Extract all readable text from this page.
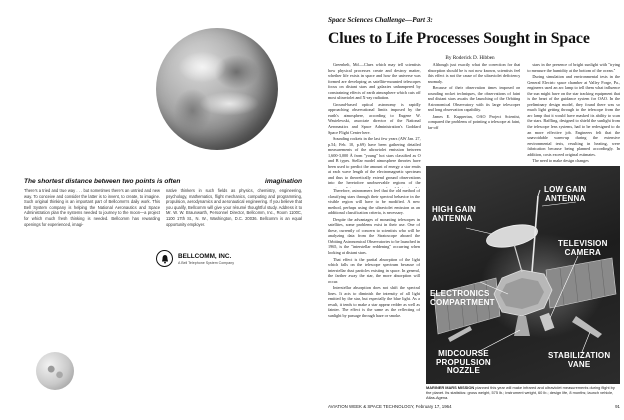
The shortest distance between two points is often	imagination
There's a tried and true way . . . but sometimes there's an untried and new way. To conceive and consider the latter is to invent, to create, to imagine. Such original thinking is an important part of Bellcomm's daily work. This Bell System company is helping the National Aeronautics and Space Administration plan the systems needed to journey to the moon—a project for which much fresh thinking is needed. Bellcomm has rewarding openings for experienced, imagi-
native thinkers in such fields as physics, chemistry, engineering, psychology, mathematics, flight mechanics, computing and programming, propulsion, aerodynamics and aeronautical engineering. If you believe that you qualify, Bellcomm will give your résumé thoughtful study. Address it to Mr. W. W. Braunwarth, Personnel Director, Bellcomm, Inc., Room 1100C, 1100 17th St., N. W., Washington, D.C. 20036. Bellcomm is an equal opportunity employer.
BELLCOMM, INC.
A Bell Telephone System Company
Space Sciences Challenge—Part 3:
Clues to Life Processes Sought in Space
By Roderick D. Hibben

Greenbelt, Md.—Clues which may tell scientists how physical processes create and destroy matter, whether life exists in space and how the universe was formed are developing as satellite-mounted telescopes focus on distant stars and galaxies unhampered by constraining effects of earth atmosphere which cuts off most ultraviolet and X-ray radiation.

Ground-based optical astronomy is rapidly approaching observational limits imposed by the earth's atmosphere, according to Eugene W. Wasielewski, associate director of the National Aeronautics and Space Administration's Goddard Space Flight Center here.

Sounding rockets in the last few years (AW Jan. 27, p.54; Feb. 10, p.69) have been gathering detailed measurements of the ultraviolet emission between 1,600-3,000 Å from "young" hot stars classified as O and B types. Stellar model atmosphere theories have been used to predict the amount of energy a star emits at each wave length of the electromagnetic spectrum and thus to theoretically extend ground observations into the heretofore unobservable regions of the

Although just exactly what the correction for that absorption should be is not now known, scientists feel this effect is not the cause of the ultraviolet deficiency anomaly.

Because of their observation times imposed on sounding rocket techniques, the observations of faint and distant stars awaits the launching of the Orbiting Astronomical Observatory with its large telescopes and long observation capability.

James E. Kupperian, OAO Project Scientist, compared the problems of pointing a telescope at faint, far-off

stars in the presence of bright sunlight with "trying to measure the humidity at the bottom of the ocean."

During simulation and environmental tests in the General Electric space chamber at Valley Forge, Pa., engineers used an arc lamp to tell them what influence the sun might have on the star tracking equipment that is the heart of the guidance system for OAO. In the preliminary design model, they found there was so much light getting through to the telescope from the arc lamp that it would have masked its ability to scan the stars. Baffling, designed to shield the sunlight from the telescope lens systems, had to be redesigned to do an more effective job. Engineers felt that the unavoidable warm-up during the extensive environmental tests, resulting in heating, were fabrication because being planned accordingly. In addition, costs exceed original estimates.

The need to make design changes

Therefore, astronomers feel that the old method of classifying stars through their spectral behavior in the visible region will have to be modified. A new method, perhaps using the ultraviolet emission as an additional classification criteria, is necessary.

Despite the advantages of mounting telescopes in satellites, some problems exist in their use. One of these, currently of concern to scientists who will be analyzing data from the Stratoscope aboard the Orbiting Astronomical Observatories to be launched in 1965, is the "interstellar reddening" occurring when looking at distant stars.

That effect is the partial absorption of the light which falls on the telescope spectrum because of interstellar dust particles existing in space. In general, the farther away the star, the more absorption will occur.

Interstellar absorption does not shift the spectral lines. It acts to diminish the intensity of all light emitted by the star, but especially the blue light. As a result, it tends to make a star appear redder as well as fainter. The effect is the same as the reflecting of sunlight by passage through haze or smoke.

LOW GAIN
ANTENNA
HIGH GAIN
ANTENNA
ELECTRONICS
COMPARTMENT
TELEVISION
CAMERA
MIDCOURSE
PROPULSION
NOZZLE
STABILIZATION
VANE
MARINER MARS MISSION planned this year will make infrared and ultraviolet measurements during flight by the planet. Its statistics: gross weight, 575 lb.; instrument weight, 60 lb.; design life, 8 months; launch vehicle, Atlas-Agena.
AVIATION WEEK & SPACE TECHNOLOGY, February 17, 1964	91
